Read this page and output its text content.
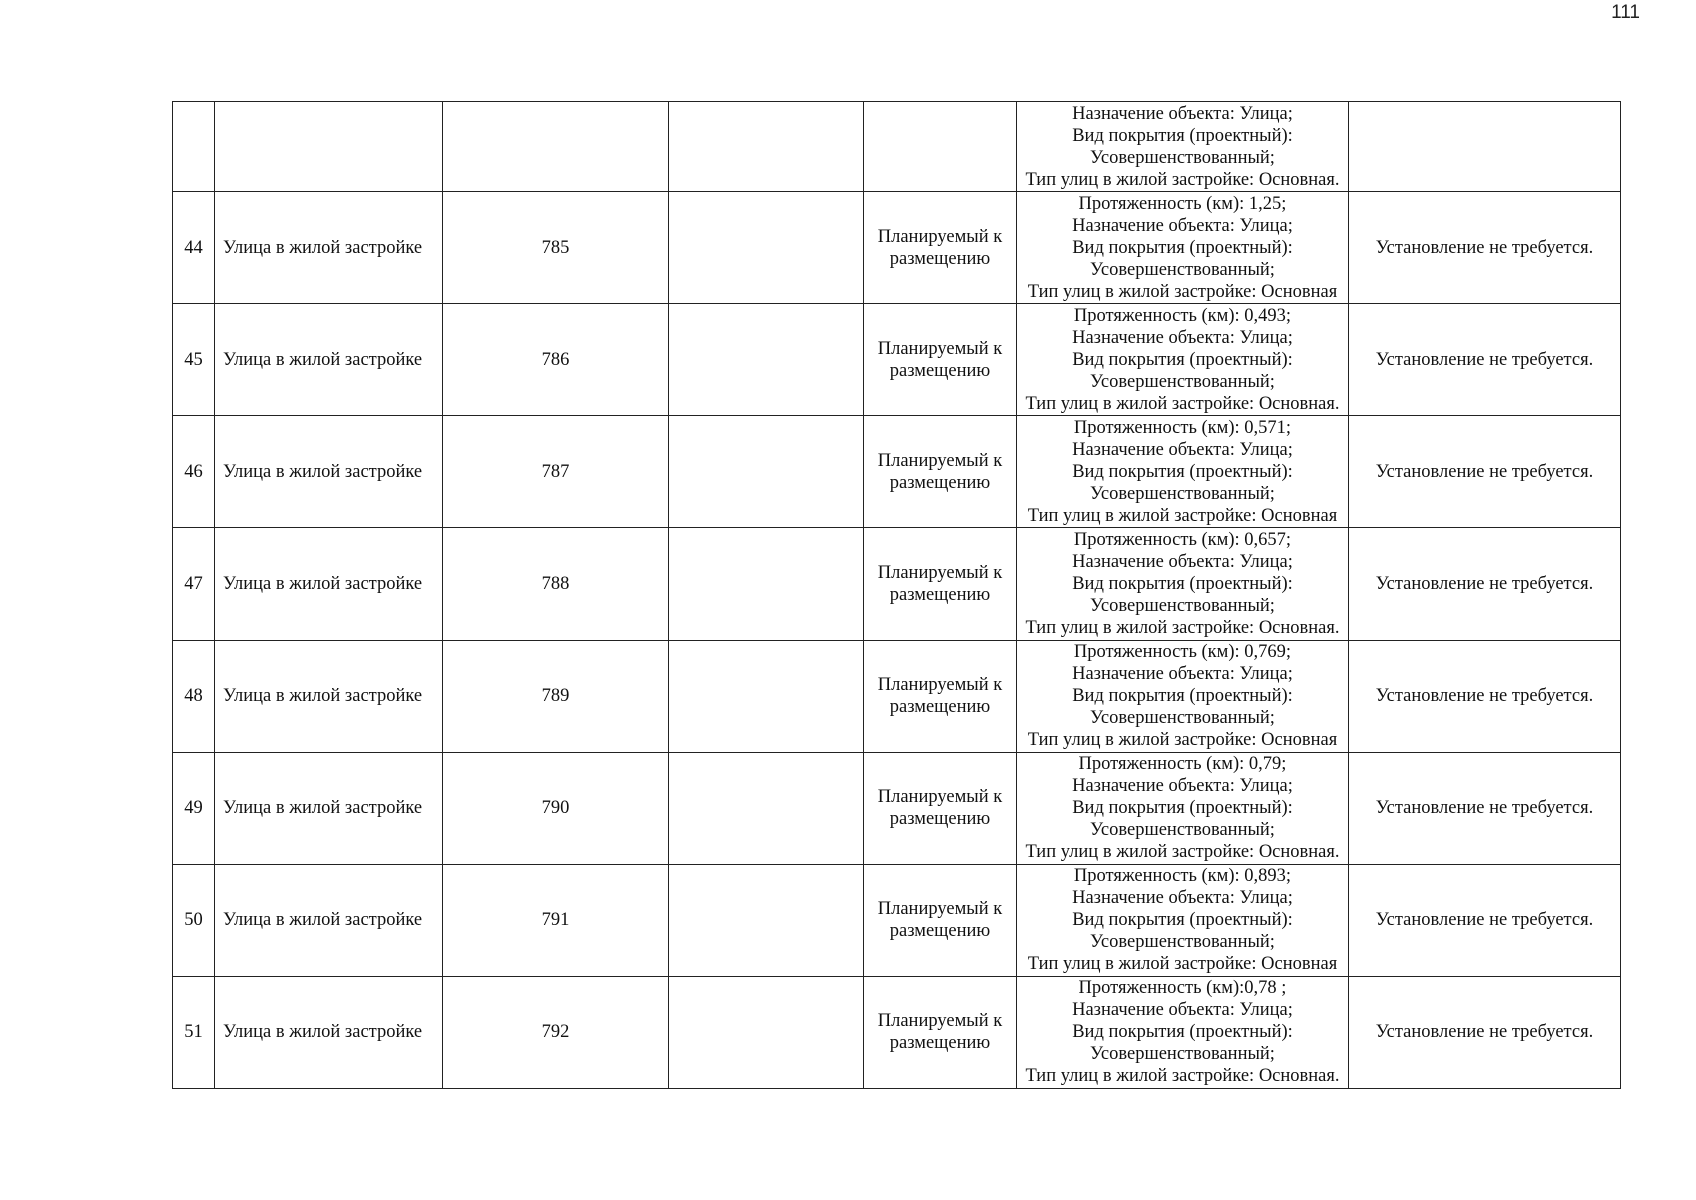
111

					Назначение объекта: Улица;
Вид покрытия (проектный):
Усовершенствованный;
Тип улиц в жилой застройке: Основная.	

44	Улица в жилой застройке	785		Планируемый к
размещению	Протяженность (км): 1,25;
Назначение объекта: Улица;
Вид покрытия (проектный):
Усовершенствованный;
Тип улиц в жилой застройке: Основная	Установление не требуется.
45	Улица в жилой застройке	786		Планируемый к
размещению	Протяженность (км): 0,493;
Назначение объекта: Улица;
Вид покрытия (проектный):
Усовершенствованный;
Тип улиц в жилой застройке: Основная.	Установление не требуется.
46	Улица в жилой застройке	787		Планируемый к
размещению	Протяженность (км): 0,571;
Назначение объекта: Улица;
Вид покрытия (проектный):
Усовершенствованный;
Тип улиц в жилой застройке: Основная	Установление не требуется.
47	Улица в жилой застройке	788		Планируемый к
размещению	Протяженность (км): 0,657;
Назначение объекта: Улица;
Вид покрытия (проектный):
Усовершенствованный;
Тип улиц в жилой застройке: Основная.	Установление не требуется.
48	Улица в жилой застройке	789		Планируемый к
размещению	Протяженность (км): 0,769;
Назначение объекта: Улица;
Вид покрытия (проектный):
Усовершенствованный;
Тип улиц в жилой застройке: Основная	Установление не требуется.
49	Улица в жилой застройке	790		Планируемый к
размещению	Протяженность (км): 0,79;
Назначение объекта: Улица;
Вид покрытия (проектный):
Усовершенствованный;
Тип улиц в жилой застройке: Основная.	Установление не требуется.
50	Улица в жилой застройке	791		Планируемый к
размещению	Протяженность (км): 0,893;
Назначение объекта: Улица;
Вид покрытия (проектный):
Усовершенствованный;
Тип улиц в жилой застройке: Основная	Установление не требуется.
51	Улица в жилой застройке	792		Планируемый к
размещению	Протяженность (км):0,78 ;
Назначение объекта: Улица;
Вид покрытия (проектный):
Усовершенствованный;
Тип улиц в жилой застройке: Основная.	Установление не требуется.
